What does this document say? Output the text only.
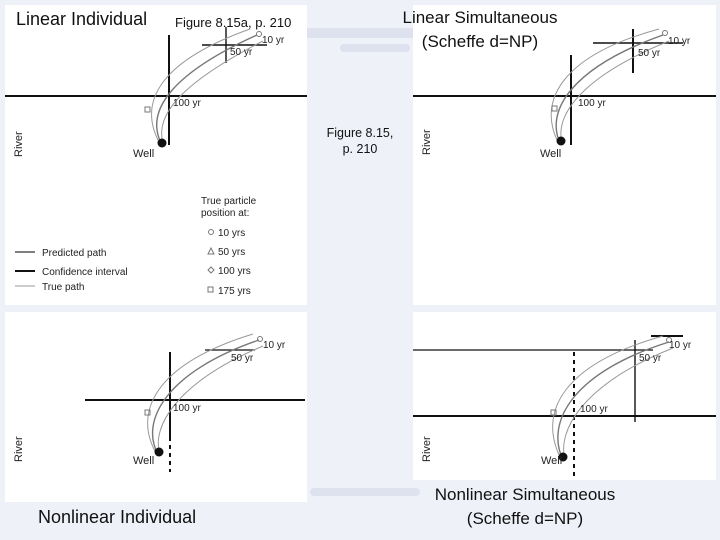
10 yr
50 yr
100 yr
Well
River
True particle
position at:
10 yrs
50 yrs
100 yrs
175 yrs
Predicted path
Confidence interval
True path
10 yr
50 yr
100 yr
Well
River
10 yr
50 yr
100 yr
Well
River
10 yr
50 yr
100 yr
Well
River
Linear Individual Figure 8.15a, p. 210	Linear Simultaneous
(Scheffe d=NP)
Figure 8.15,
p. 210
Nonlinear Individual
Nonlinear Simultaneous
(Scheffe d=NP)
